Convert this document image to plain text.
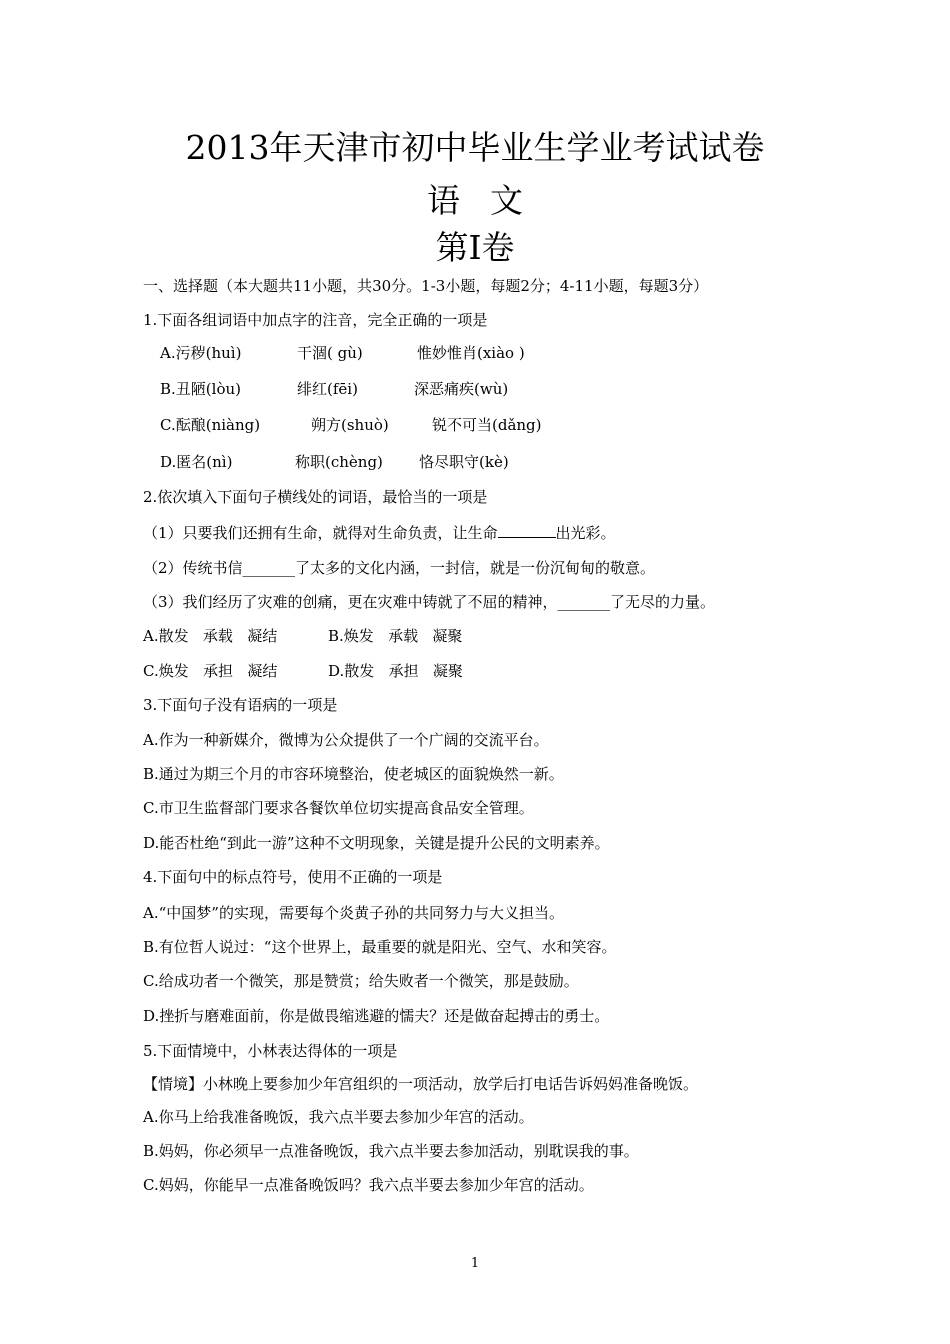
2013年天津市初中毕业生学业考试试卷
语 文
第Ⅰ卷
一、选择题（本大题共11小题，共30分。1-3小题，每题2分；4-11小题，每题3分）
1.下面各组词语中加点字的注音，完全正确的一项是
A.污秽(huì)	干涸( gù)	惟妙惟肖(xiào )
B.丑陋(lòu)	绯红(fēi)	深恶痛疾(wù)
C.酝酿(niàng)	朔方(shuò)	锐不可当(dǎng)
D.匿名(nì)	称职(chèng) 恪尽职守(kè)
2.依次填入下面句子横线处的词语，最恰当的一项是
（1）只要我们还拥有生命，就得对生命负责，让生命	出光彩。
（2）传统书信_______了太多的文化内涵，一封信，就是一份沉甸甸的敬意。
（3）我们经历了灾难的创痛，更在灾难中铸就了不屈的精神，_______了无尽的力量。
A.散发   承载   凝结	B.焕发   承载   凝聚
C.焕发   承担   凝结	D.散发   承担   凝聚
3.下面句子没有语病的一项是
A.作为一种新媒介，微博为公众提供了一个广阔的交流平台。
B.通过为期三个月的市容环境整治，使老城区的面貌焕然一新。
C.市卫生监督部门要求各餐饮单位切实提高食品安全管理。
D.能否杜绝“到此一游”这种不文明现象，关键是提升公民的文明素养。
4.下面句中的标点符号，使用不正确的一项是
A.“中国梦”的实现，需要每个炎黄子孙的共同努力与大义担当。
B.有位哲人说过：“这个世界上，最重要的就是阳光、空气、水和笑容。
C.给成功者一个微笑，那是赞赏；给失败者一个微笑，那是鼓励。
D.挫折与磨难面前，你是做畏缩逃避的懦夫？还是做奋起搏击的勇士。
5.下面情境中，小林表达得体的一项是
【情境】小林晚上要参加少年宫组织的一项活动，放学后打电话告诉妈妈准备晚饭。
A.你马上给我准备晚饭，我六点半要去参加少年宫的活动。
B.妈妈，你必须早一点准备晚饭，我六点半要去参加活动，别耽误我的事。
C.妈妈，你能早一点准备晚饭吗？我六点半要去参加少年宫的活动。
1
